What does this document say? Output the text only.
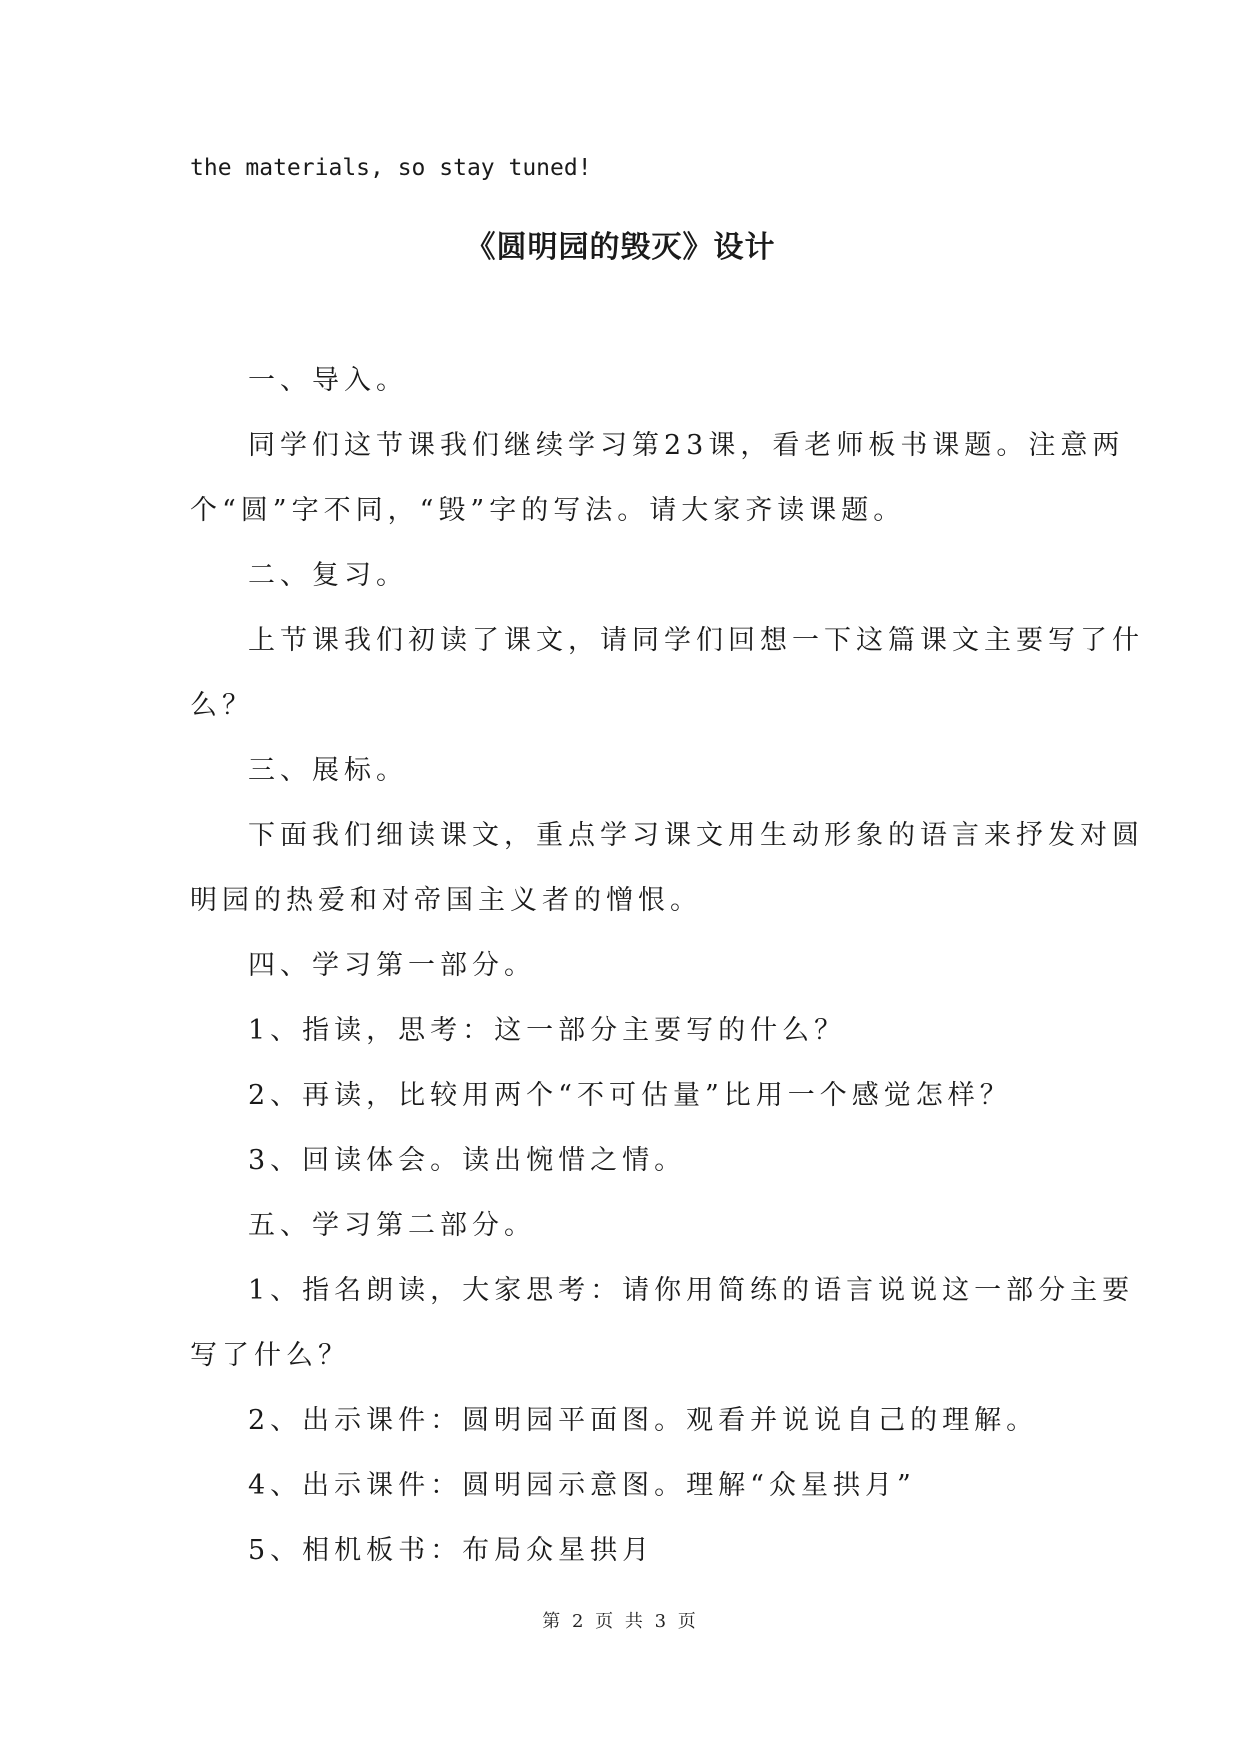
the materials, so stay tuned!
《圆明园的毁灭》设计
一、导入。
同学们这节课我们继续学习第23课，看老师板书课题。注意两
个“圆”字不同，“毁”字的写法。请大家齐读课题。
二、复习。
上节课我们初读了课文，请同学们回想一下这篇课文主要写了什
么？
三、展标。
下面我们细读课文，重点学习课文用生动形象的语言来抒发对圆
明园的热爱和对帝国主义者的憎恨。
四、学习第一部分。
1、指读，思考：这一部分主要写的什么？
2、再读，比较用两个“不可估量”比用一个感觉怎样？
3、回读体会。读出惋惜之情。
五、学习第二部分。
1、指名朗读，大家思考：请你用简练的语言说说这一部分主要
写了什么？
2、出示课件：圆明园平面图。观看并说说自己的理解。
4、出示课件：圆明园示意图。理解“众星拱月”
5、相机板书：布局众星拱月
第 2 页 共 3 页
